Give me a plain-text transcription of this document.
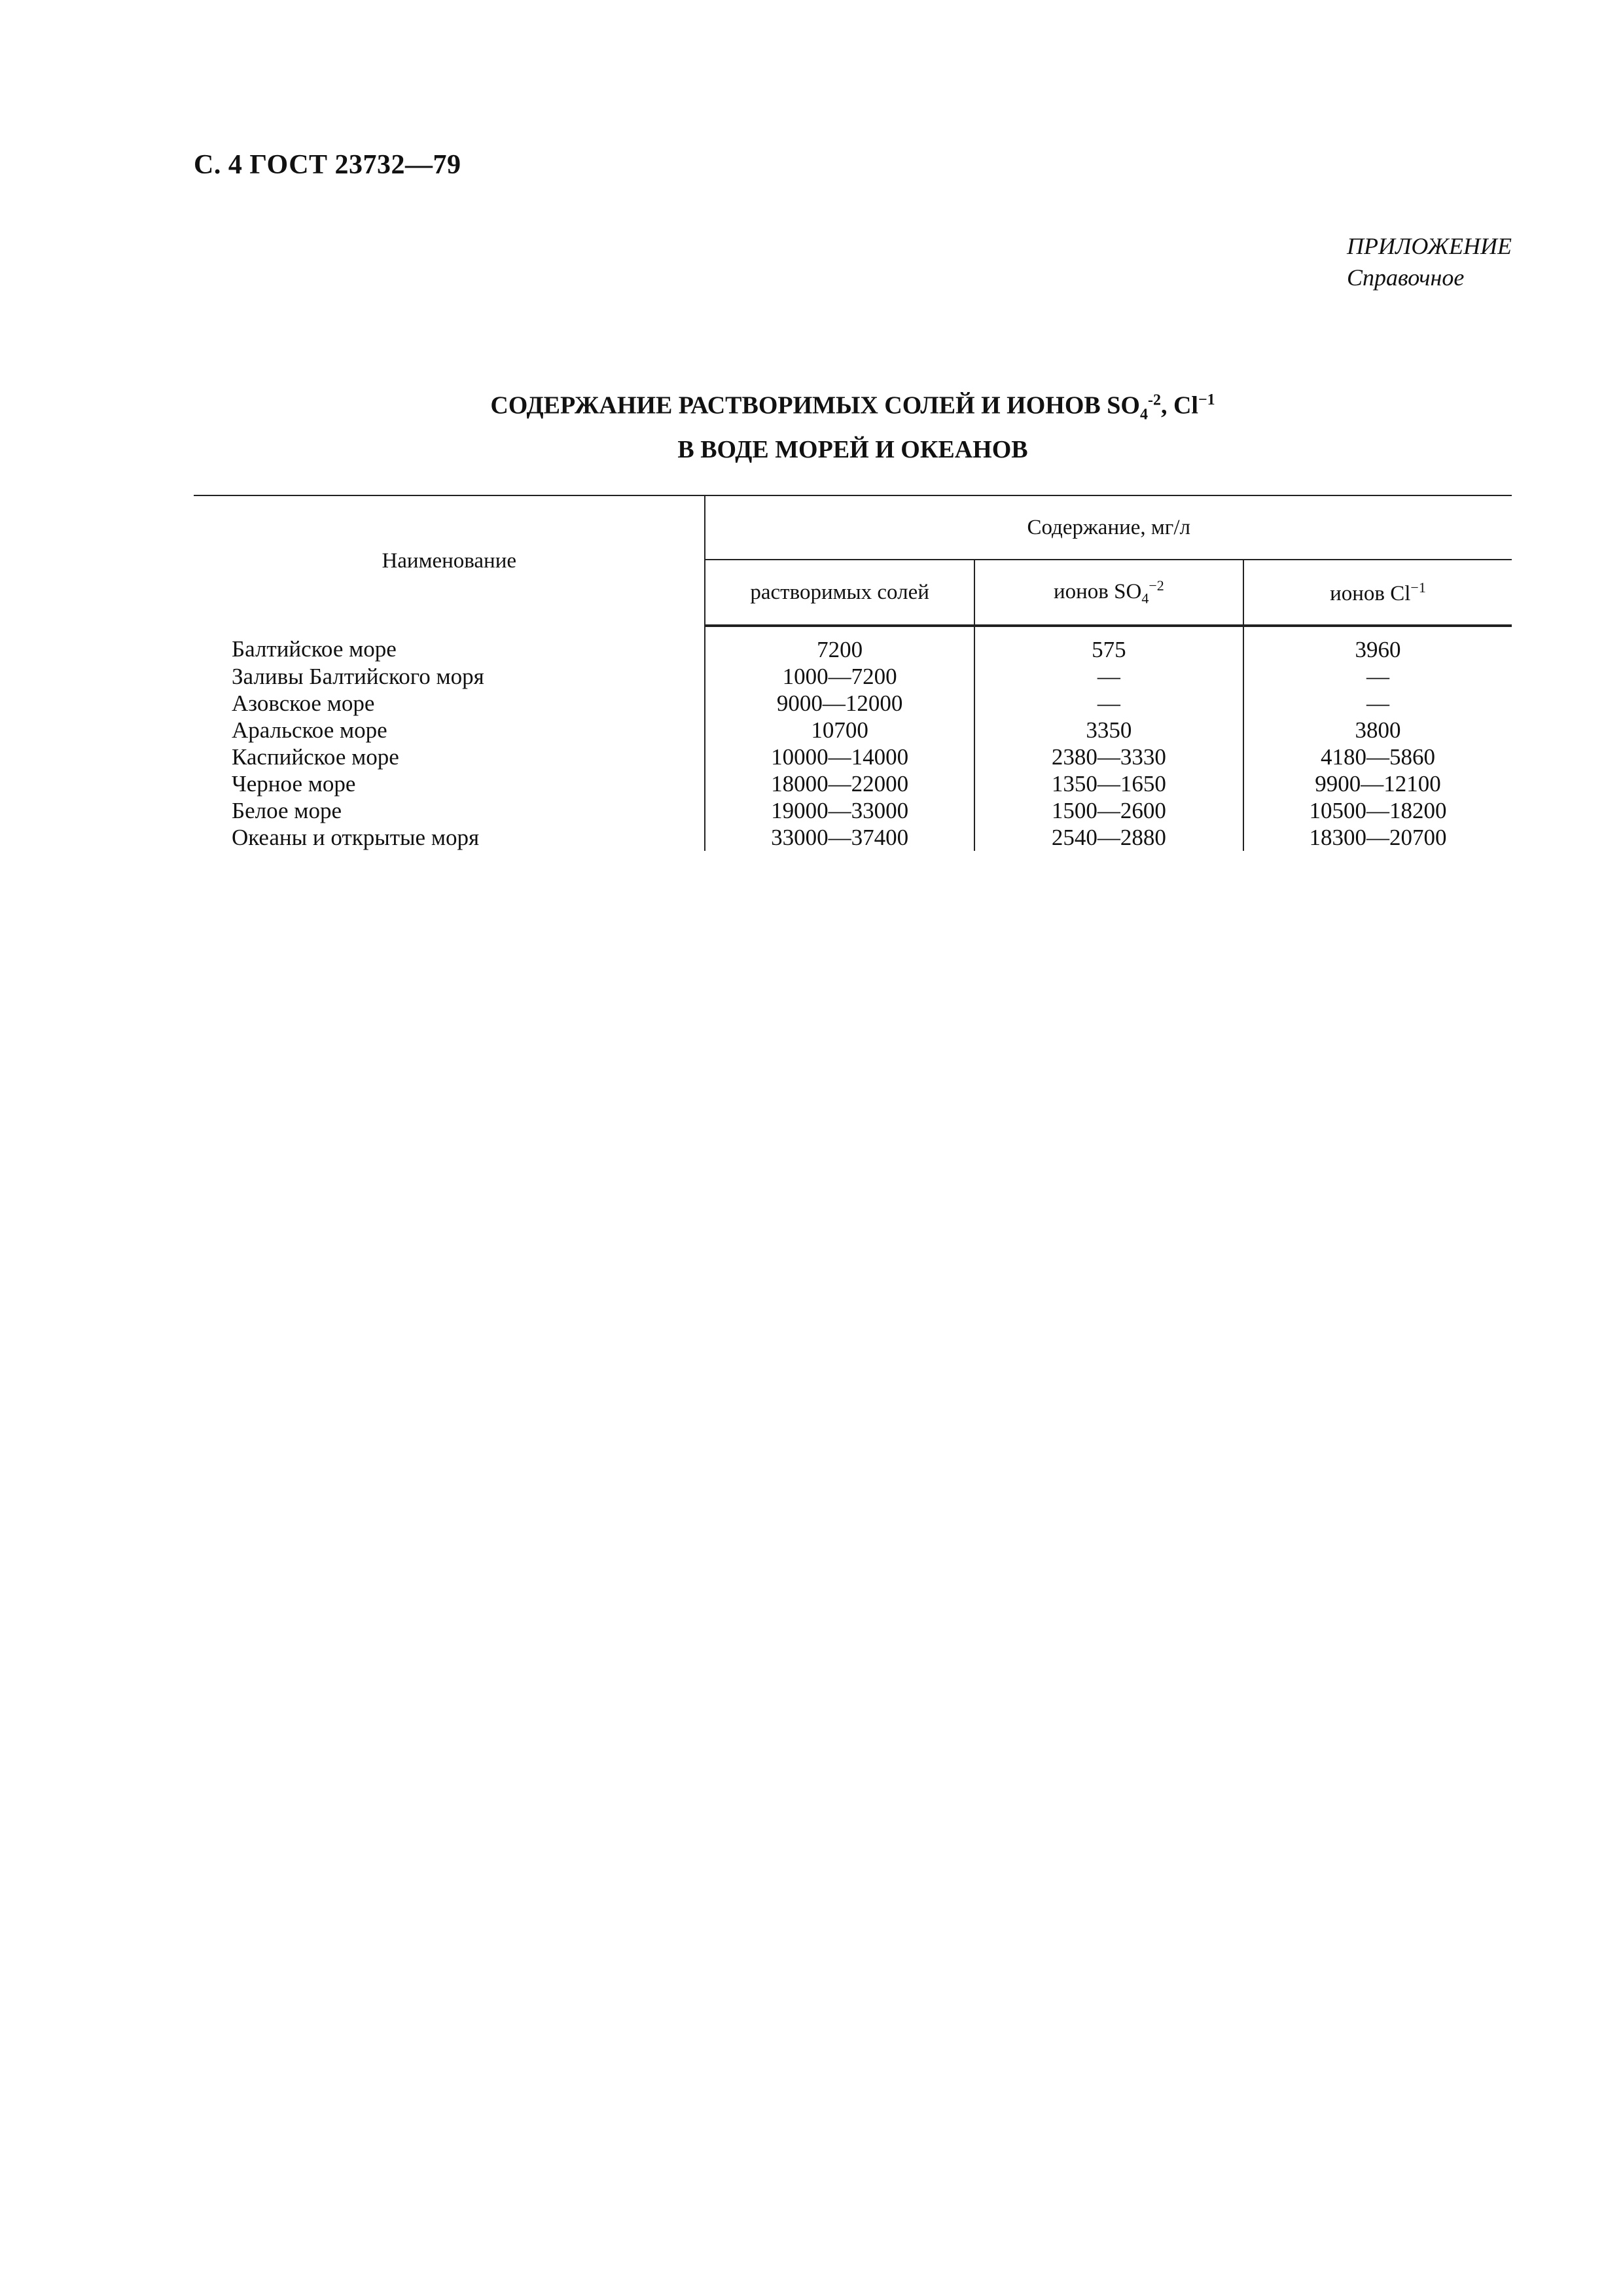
С. 4 ГОСТ 23732—79
ПРИЛОЖЕНИЕ
Справочное
СОДЕРЖАНИЕ РАСТВОРИМЫХ СОЛЕЙ И ИОНОВ $SO_4^{-2}$, $Cl^{-1}$
В ВОДЕ МОРЕЙ И ОКЕАНОВ
Наименование	Содержание, мг/л		
	растворимых солей	ионов $SO_4^{-2}$	ионов $Cl^{-1}$
Балтийское море	7200	575	3960
Заливы Балтийского моря	1000—7200	—	—
Азовское море	9000—12000	—	—
Аральское море	10700	3350	3800
Каспийское море	10000—14000	2380—3330	4180—5860
Черное море	18000—22000	1350—1650	9900—12100
Белое море	19000—33000	1500—2600	10500—18200
Океаны и открытые моря	33000—37400	2540—2880	18300—20700
